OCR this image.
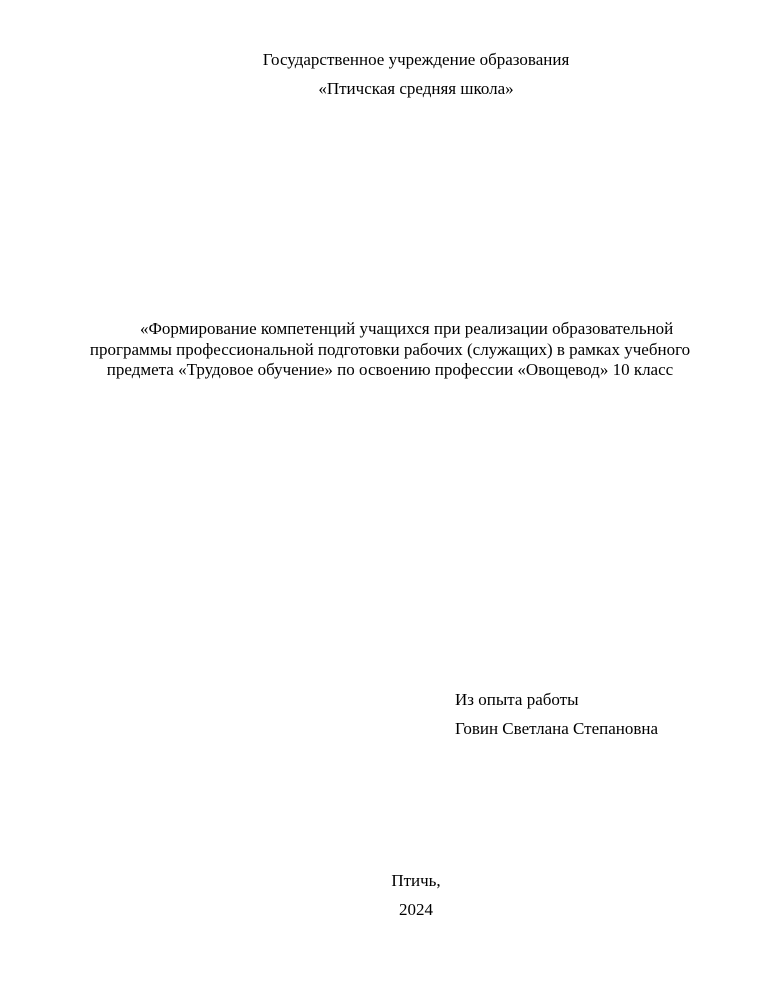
Государственное учреждение образования
«Птичская средняя школа»
«Формирование компетенций учащихся при реализации образовательной
программы профессиональной подготовки рабочих (служащих) в рамках учебного
предмета «Трудовое обучение» по освоению профессии «Овощевод» 10 класс
Из опыта работы
Говин Светлана Степановна
Птичь,
2024
